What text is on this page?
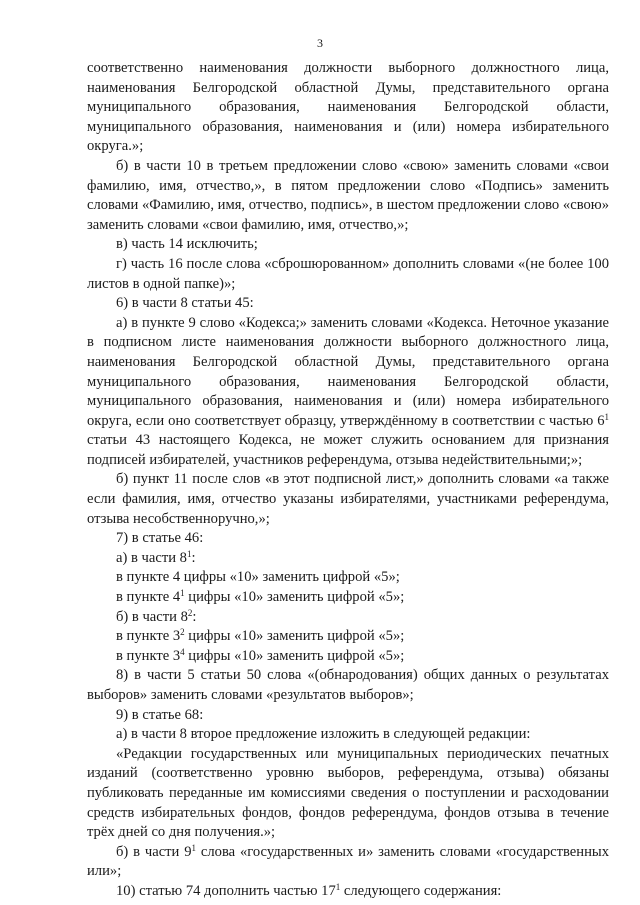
3

соответственно наименования должности выборного должностного лица, наименования Белгородской областной Думы, представительного органа муниципального образования, наименования Белгородской области, муниципального образования, наименования и (или) номера избирательного округа.»;

б) в части 10 в третьем предложении слово «свою» заменить словами «свои фамилию, имя, отчество,», в пятом предложении слово «Подпись» заменить словами «Фамилию, имя, отчество, подпись», в шестом предложении слово «свою» заменить словами «свои фамилию, имя, отчество,»;

в) часть 14 исключить;

г) часть 16 после слова «сброшюрованном» дополнить словами «(не более 100 листов в одной папке)»;

6) в части 8 статьи 45:

а) в пункте 9 слово «Кодекса;» заменить словами «Кодекса. Неточное указание в подписном листе наименования должности выборного должностного лица, наименования Белгородской областной Думы, представительного органа муниципального образования, наименования Белгородской области, муниципального образования, наименования и (или) номера избирательного округа, если оно соответствует образцу, утверждённому в соответствии с частью $6^1$ статьи 43 настоящего Кодекса, не может служить основанием для признания подписей избирателей, участников референдума, отзыва недействительными;»;

б) пункт 11 после слов «в этот подписной лист,» дополнить словами «а также если фамилия, имя, отчество указаны избирателями, участниками референдума, отзыва несобственноручно,»;

7) в статье 46:

а) в части $8^1$:

в пункте 4 цифры «10» заменить цифрой «5»;

в пункте $4^1$ цифры «10» заменить цифрой «5»;

б) в части $8^2$:

в пункте $3^2$ цифры «10» заменить цифрой «5»;

в пункте $3^4$ цифры «10» заменить цифрой «5»;

8) в части 5 статьи 50 слова «(обнародования) общих данных о результатах выборов» заменить словами «результатов выборов»;

9) в статье 68:

а) в части 8 второе предложение изложить в следующей редакции:

«Редакции государственных или муниципальных периодических печатных изданий (соответственно уровню выборов, референдума, отзыва) обязаны публиковать переданные им комиссиями сведения о поступлении и расходовании средств избирательных фондов, фондов референдума, фондов отзыва в течение трёх дней со дня получения.»;

б) в части $9^1$ слова «государственных и» заменить словами «государственных или»;

10) статью 74 дополнить частью $17^1$ следующего содержания:
